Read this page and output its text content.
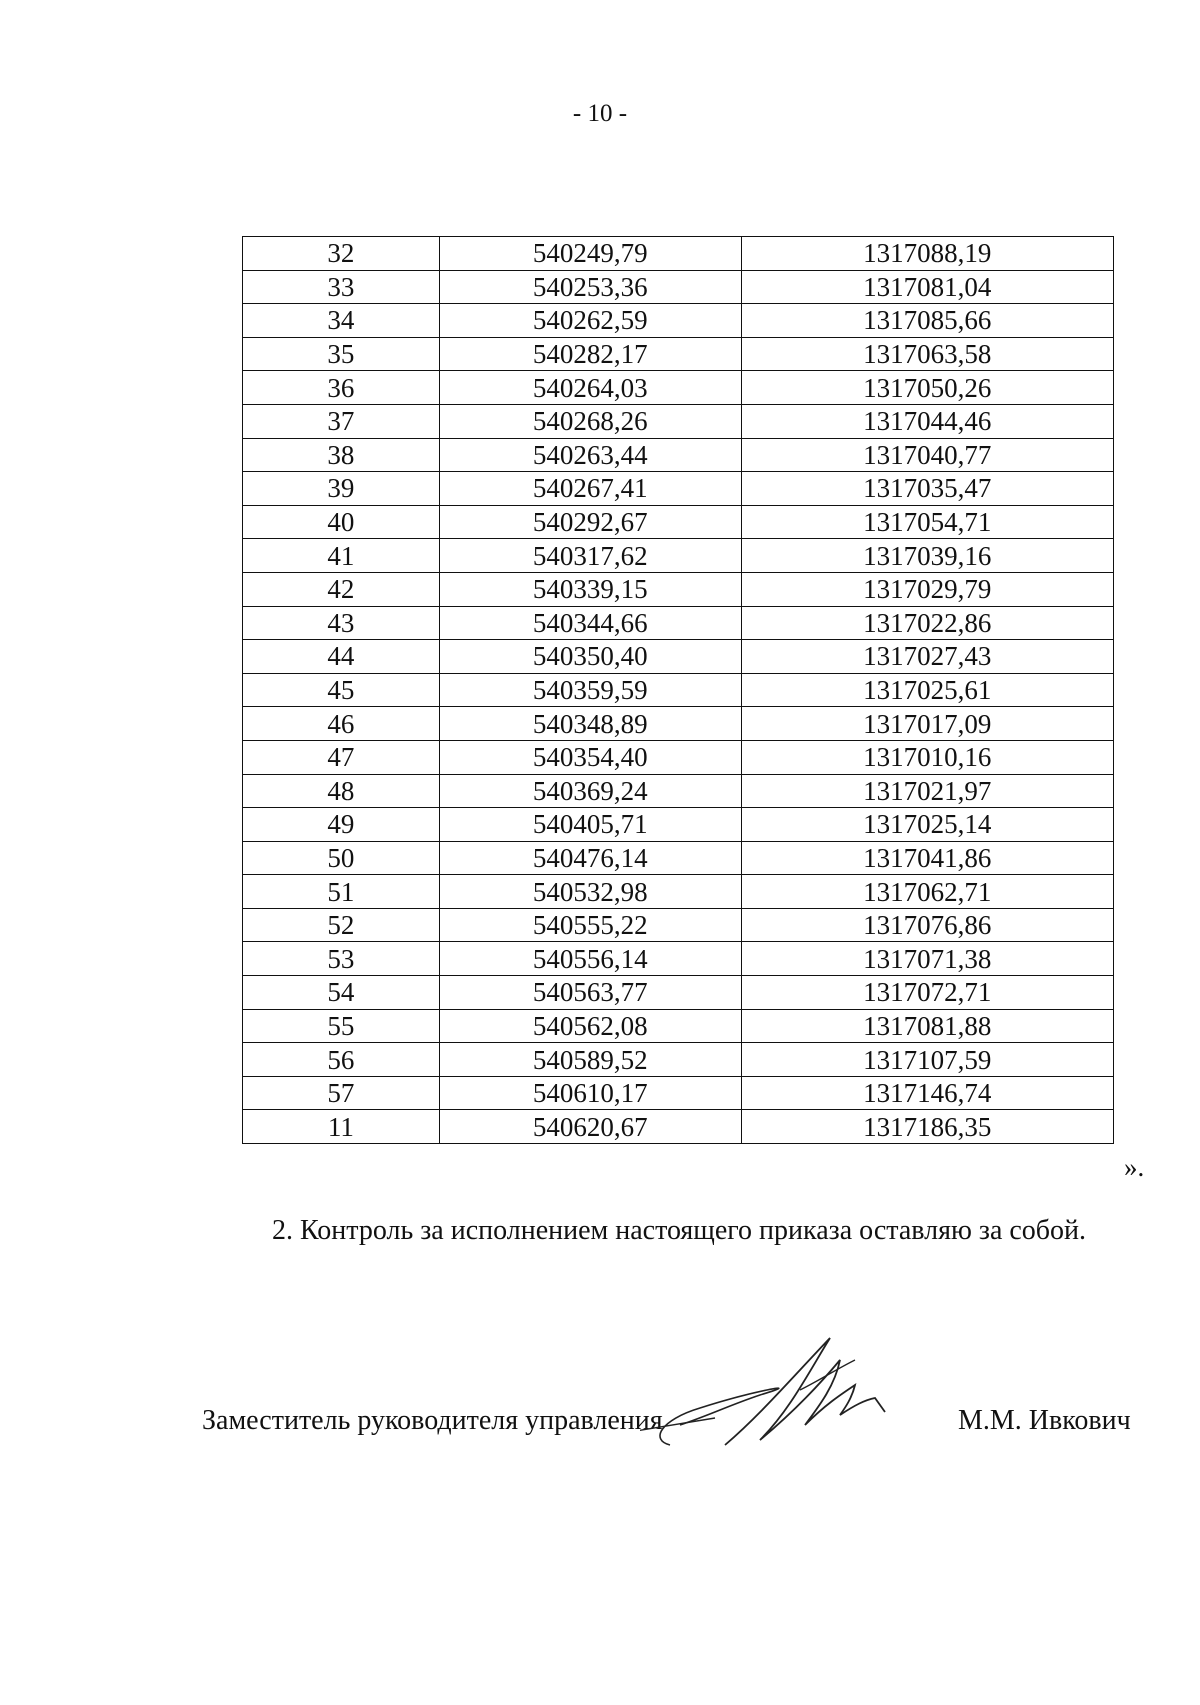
- 10 -
32	540249,79	1317088,19
33	540253,36	1317081,04
34	540262,59	1317085,66
35	540282,17	1317063,58
36	540264,03	1317050,26
37	540268,26	1317044,46
38	540263,44	1317040,77
39	540267,41	1317035,47
40	540292,67	1317054,71
41	540317,62	1317039,16
42	540339,15	1317029,79
43	540344,66	1317022,86
44	540350,40	1317027,43
45	540359,59	1317025,61
46	540348,89	1317017,09
47	540354,40	1317010,16
48	540369,24	1317021,97
49	540405,71	1317025,14
50	540476,14	1317041,86
51	540532,98	1317062,71
52	540555,22	1317076,86
53	540556,14	1317071,38
54	540563,77	1317072,71
55	540562,08	1317081,88
56	540589,52	1317107,59
57	540610,17	1317146,74
11	540620,67	1317186,35
».
2. Контроль за исполнением настоящего приказа оставляю за собой.
Заместитель руководителя управления	М.М. Ивкович
